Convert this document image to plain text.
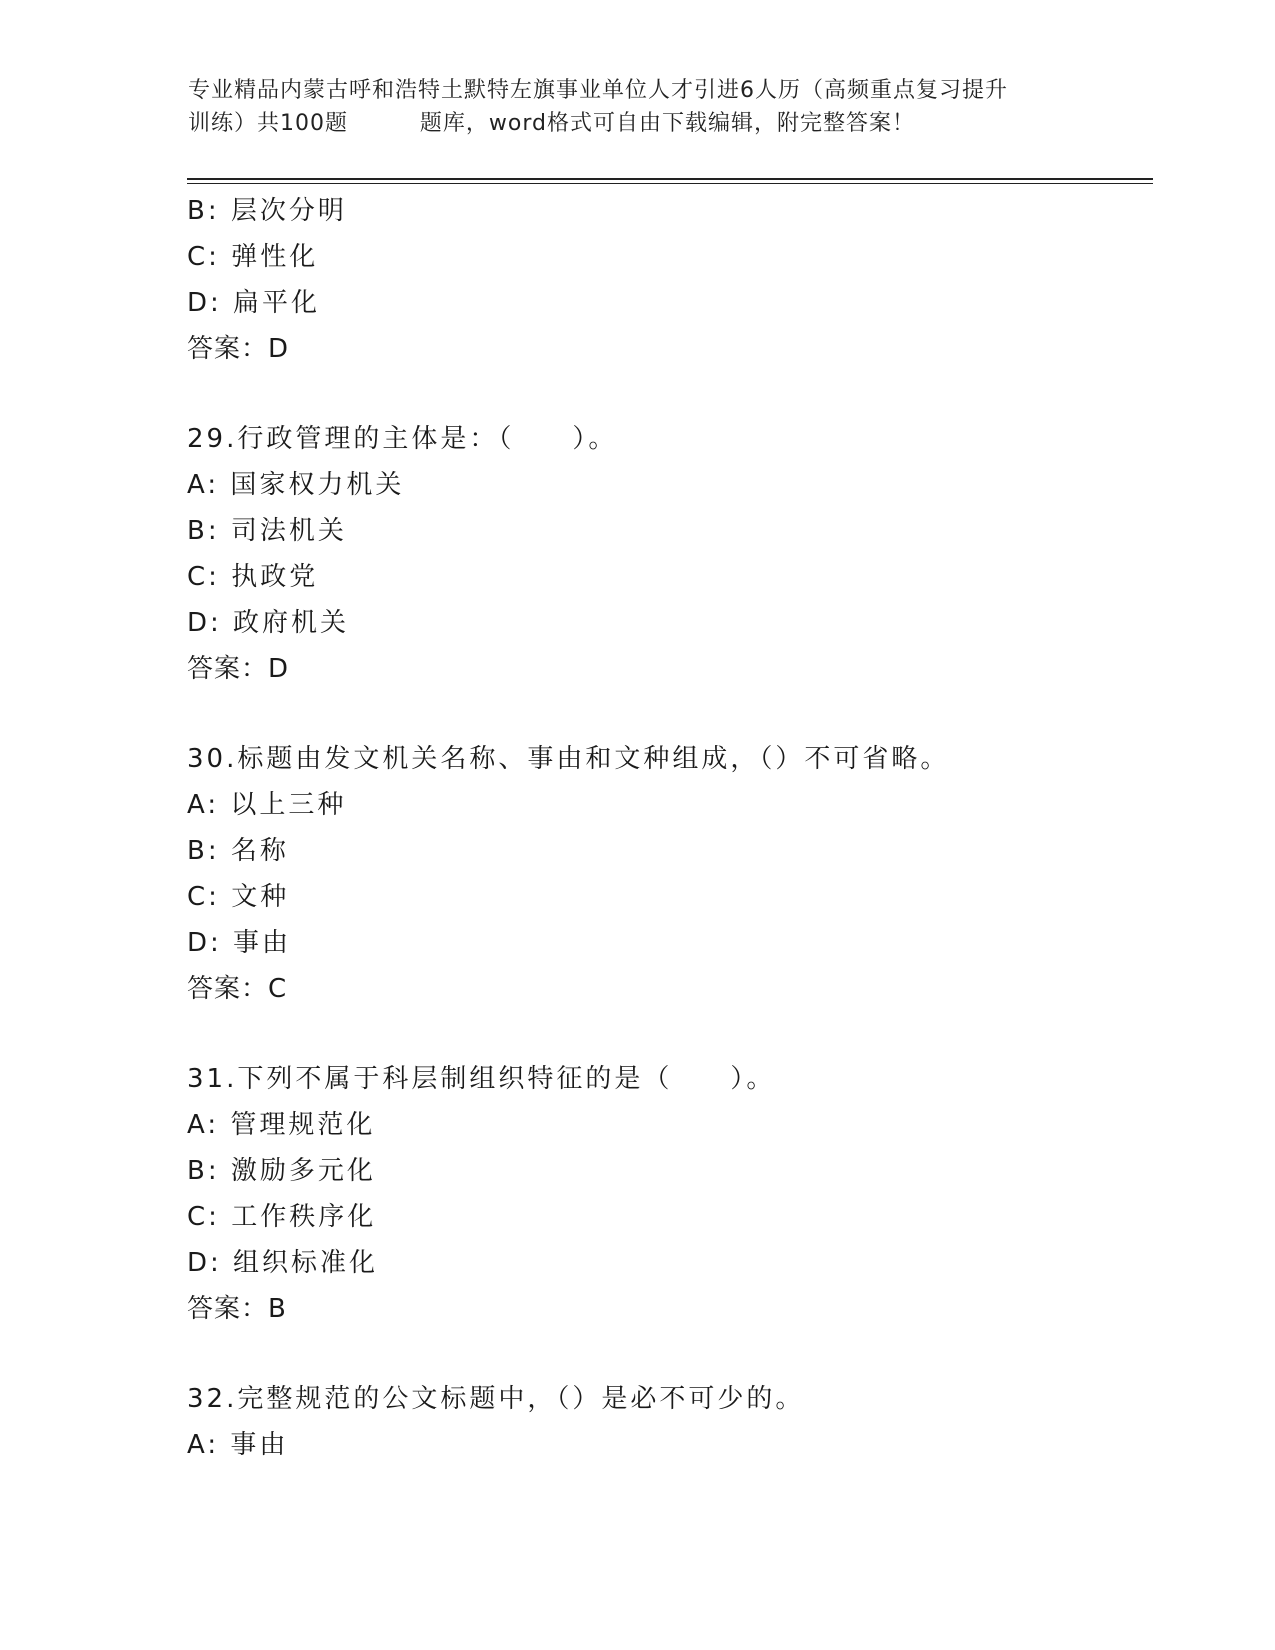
专业精品内蒙古呼和浩特土默特左旗事业单位人才引进6人历（高频重点复习提升
训练）共100题         题库，word格式可自由下载编辑，附完整答案！
B: 层次分明
C: 弹性化
D: 扁平化
答案：D
29.行政管理的主体是：（　　）。
A: 国家权力机关
B: 司法机关
C: 执政党
D: 政府机关
答案：D
30.标题由发文机关名称、事由和文种组成，（）不可省略。
A: 以上三种
B: 名称
C: 文种
D: 事由
答案：C
31.下列不属于科层制组织特征的是（　　）。
A: 管理规范化
B: 激励多元化
C: 工作秩序化
D: 组织标准化
答案：B
32.完整规范的公文标题中，（）是必不可少的。
A: 事由
